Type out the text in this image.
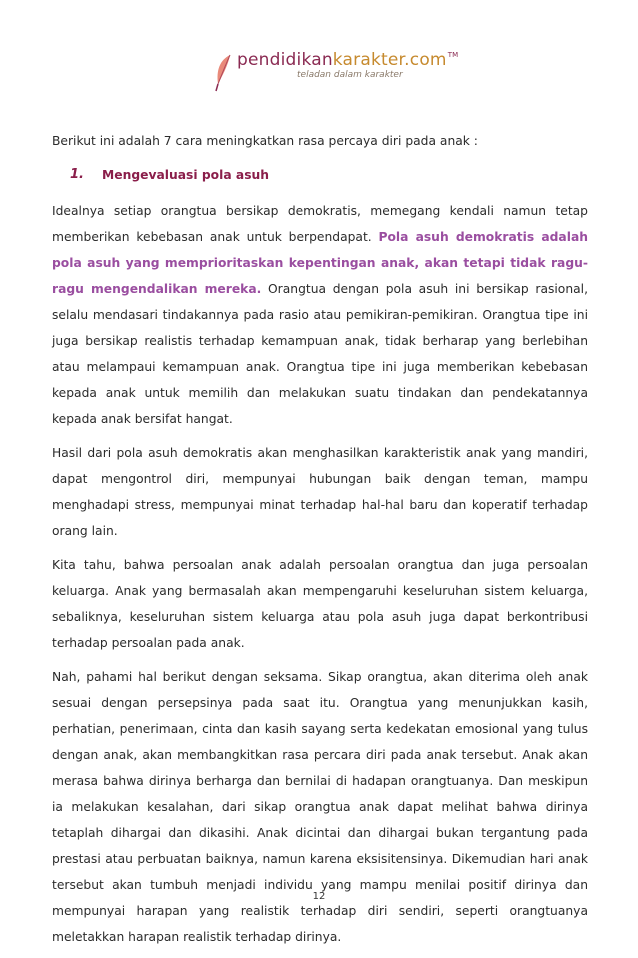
pendidikankarakter.com™
teladan dalam karakter

Berikut ini adalah 7 cara meningkatkan rasa percaya diri pada anak :

1.	Mengevaluasi pola asuh

Idealnya setiap orangtua bersikap demokratis, memegang kendali namun tetap memberikan kebebasan anak untuk berpendapat. Pola asuh demokratis adalah pola asuh yang memprioritaskan kepentingan anak, akan tetapi tidak ragu-ragu mengendalikan mereka. Orangtua dengan pola asuh ini bersikap rasional, selalu mendasari tindakannya pada rasio atau pemikiran-pemikiran. Orangtua tipe ini juga bersikap realistis terhadap kemampuan anak, tidak berharap yang berlebihan atau melampaui kemampuan anak. Orangtua tipe ini juga memberikan kebebasan kepada anak untuk memilih dan melakukan suatu tindakan dan pendekatannya kepada anak bersifat hangat.

Hasil dari pola asuh demokratis akan menghasilkan karakteristik anak yang mandiri, dapat mengontrol diri, mempunyai hubungan baik dengan teman, mampu menghadapi stress, mempunyai minat terhadap hal-hal baru dan koperatif terhadap orang lain.

Kita tahu, bahwa persoalan anak adalah persoalan orangtua dan juga persoalan keluarga. Anak yang bermasalah akan mempengaruhi keseluruhan sistem keluarga, sebaliknya, keseluruhan sistem keluarga atau pola asuh juga dapat berkontribusi terhadap persoalan pada anak.

Nah, pahami hal berikut dengan seksama. Sikap orangtua, akan diterima oleh anak sesuai dengan persepsinya pada saat itu. Orangtua yang menunjukkan kasih, perhatian, penerimaan, cinta dan kasih sayang serta kedekatan emosional yang tulus dengan anak, akan membangkitkan rasa percara diri pada anak tersebut. Anak akan merasa bahwa dirinya berharga dan bernilai di hadapan orangtuanya. Dan meskipun ia melakukan kesalahan, dari sikap orangtua anak dapat melihat bahwa dirinya tetaplah dihargai dan dikasihi. Anak dicintai dan dihargai bukan tergantung pada prestasi atau perbuatan baiknya, namun karena eksisitensinya. Dikemudian hari anak tersebut akan tumbuh menjadi individu yang mampu menilai positif dirinya dan mempunyai harapan yang realistik terhadap diri sendiri, seperti orangtuanya meletakkan harapan realistik terhadap dirinya.

12
